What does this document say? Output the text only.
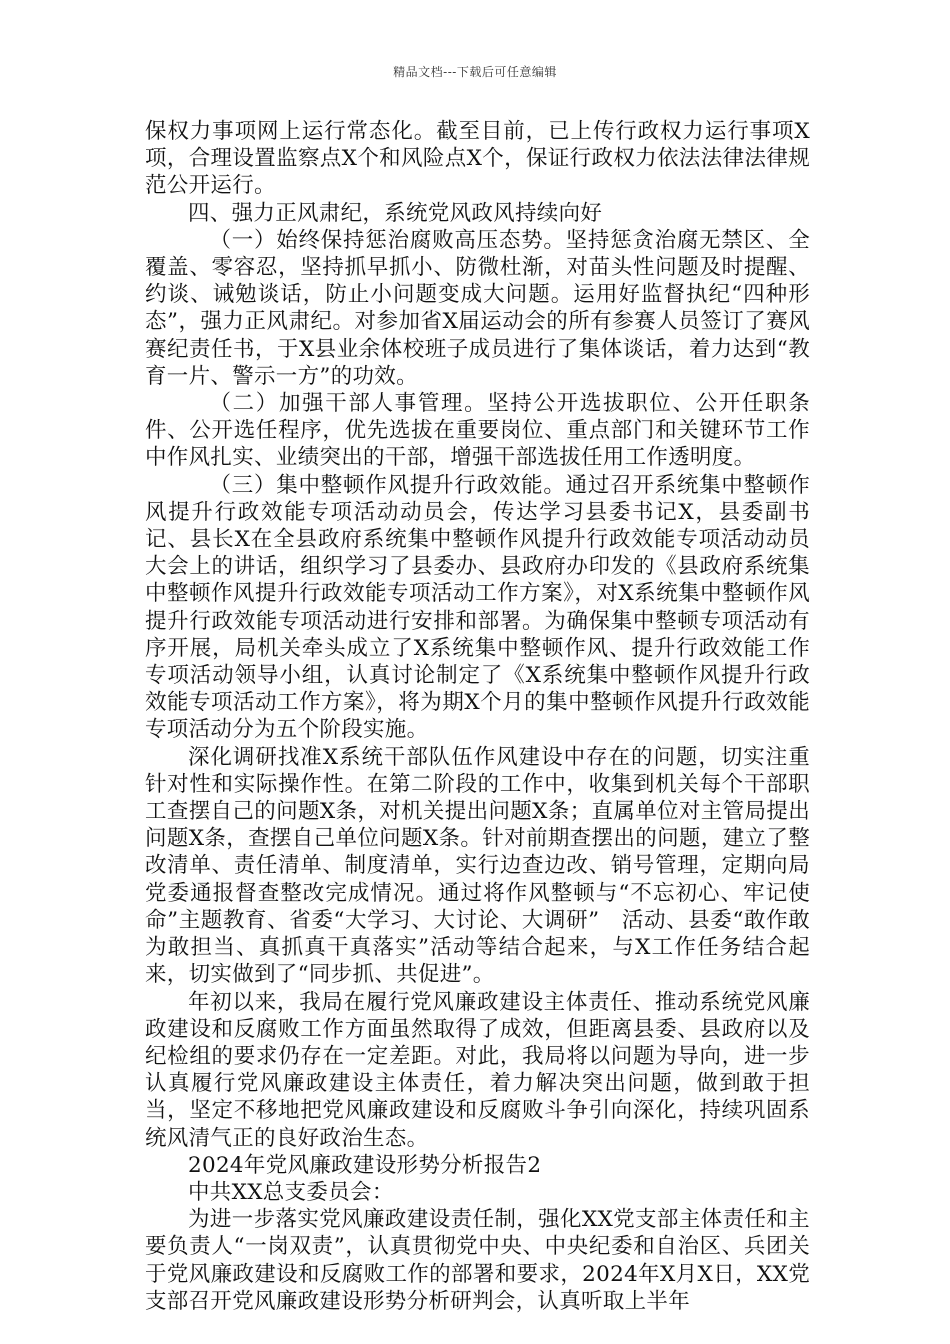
精品文档---下载后可任意编辑

保权力事项网上运行常态化。截至目前，已上传行政权力运行事项X项，合理设置监察点X个和风险点X个，保证行政权力依法法律法律规范公开运行。

四、强力正风肃纪，系统党风政风持续向好

（一）始终保持惩治腐败高压态势。坚持惩贪治腐无禁区、全覆盖、零容忍，坚持抓早抓小、防微杜渐，对苗头性问题及时提醒、约谈、诫勉谈话，防止小问题变成大问题。运用好监督执纪“四种形态”，强力正风肃纪。对参加省X届运动会的所有参赛人员签订了赛风赛纪责任书，于X县业余体校班子成员进行了集体谈话，着力达到“教育一片、警示一方”的功效。

（二）加强干部人事管理。坚持公开选拔职位、公开任职条件、公开选任程序，优先选拔在重要岗位、重点部门和关键环节工作中作风扎实、业绩突出的干部，增强干部选拔任用工作透明度。

（三）集中整顿作风提升行政效能。通过召开系统集中整顿作风提升行政效能专项活动动员会，传达学习县委书记X，县委副书记、县长X在全县政府系统集中整顿作风提升行政效能专项活动动员大会上的讲话，组织学习了县委办、县政府办印发的《县政府系统集中整顿作风提升行政效能专项活动工作方案》，对X系统集中整顿作风提升行政效能专项活动进行安排和部署。为确保集中整顿专项活动有序开展，局机关牵头成立了X系统集中整顿作风、提升行政效能工作专项活动领导小组，认真讨论制定了《X系统集中整顿作风提升行政效能专项活动工作方案》，将为期X个月的集中整顿作风提升行政效能专项活动分为五个阶段实施。

深化调研找准X系统干部队伍作风建设中存在的问题，切实注重针对性和实际操作性。在第二阶段的工作中，收集到机关每个干部职工查摆自己的问题X条，对机关提出问题X条；直属单位对主管局提出问题X条，查摆自己单位问题X条。针对前期查摆出的问题，建立了整改清单、责任清单、制度清单，实行边查边改、销号管理，定期向局党委通报督查整改完成情况。通过将作风整顿与“不忘初心、牢记使命”主题教育、省委“大学习、大讨论、大调研”　活动、县委“敢作敢为敢担当、真抓真干真落实”活动等结合起来，与X工作任务结合起来，切实做到了“同步抓、共促进”。

年初以来，我局在履行党风廉政建设主体责任、推动系统党风廉政建设和反腐败工作方面虽然取得了成效，但距离县委、县政府以及纪检组的要求仍存在一定差距。对此，我局将以问题为导向，进一步认真履行党风廉政建设主体责任，着力解决突出问题，做到敢于担当，坚定不移地把党风廉政建设和反腐败斗争引向深化，持续巩固系统风清气正的良好政治生态。

2024年党风廉政建设形势分析报告2

中共XX总支委员会：

为进一步落实党风廉政建设责任制，强化XX党支部主体责任和主要负责人“一岗双责”，认真贯彻党中央、中央纪委和自治区、兵团关于党风廉政建设和反腐败工作的部署和要求，2024年X月X日，XX党支部召开党风廉政建设形势分析研判会，认真听取上半年
